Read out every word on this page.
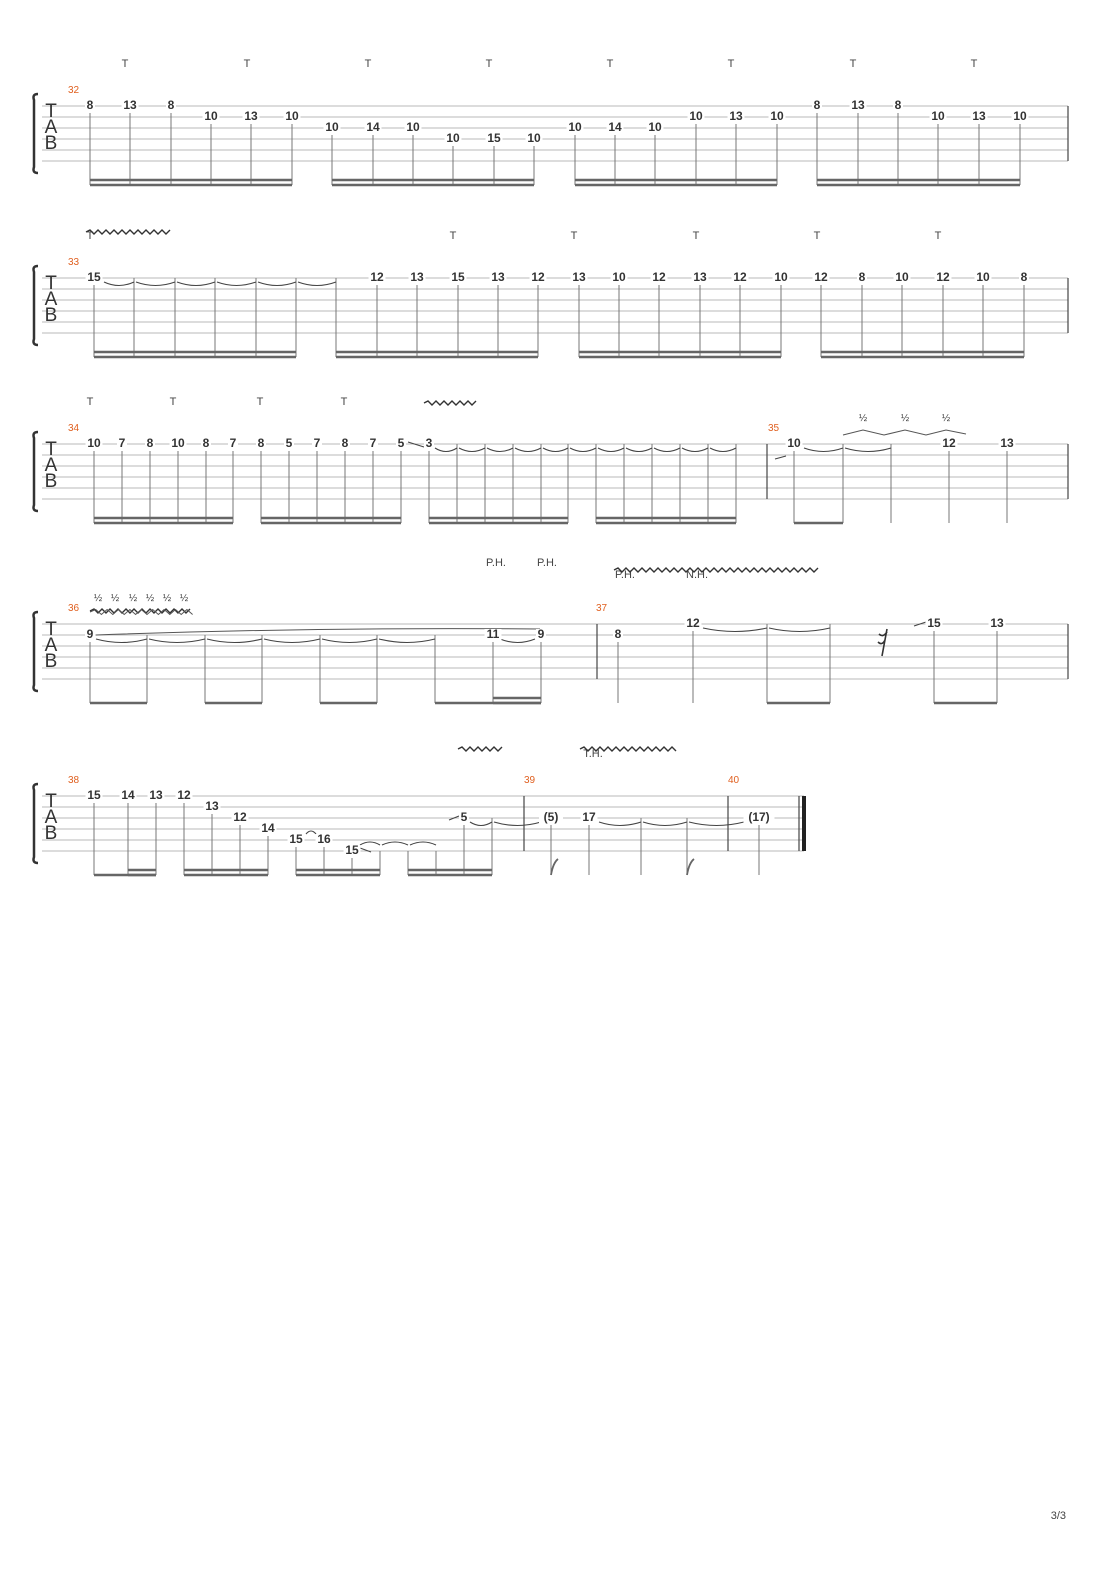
T
A
B
32
T	T	T	T	T	T	T	T
8 13	8
10 13 10
10 14 10
10 15 10
10 14 10
10 13 10
8	13 8
10 13 10
T
A
B
33
T	T	T	T	T	T
15	12 13 15 13 12 13 10 12 13 12 10 12	8 10 12 10	8
T
A
B
34	35
T	T	T	T
½	½	½
10 7 8 10 8 7 8 5 7 8 7 5 3	10	12	13
T
A
B
36	37
P.H.	P.H.
P.H.	N.H.
½ ½ ½ ½ ½ ½
9	11	9	8
12	15	13
T
A
B
38	39	40
T.H.
15 14 13 12
13
12
14
15 16
15
5	(5) 17	(17)
3/3
